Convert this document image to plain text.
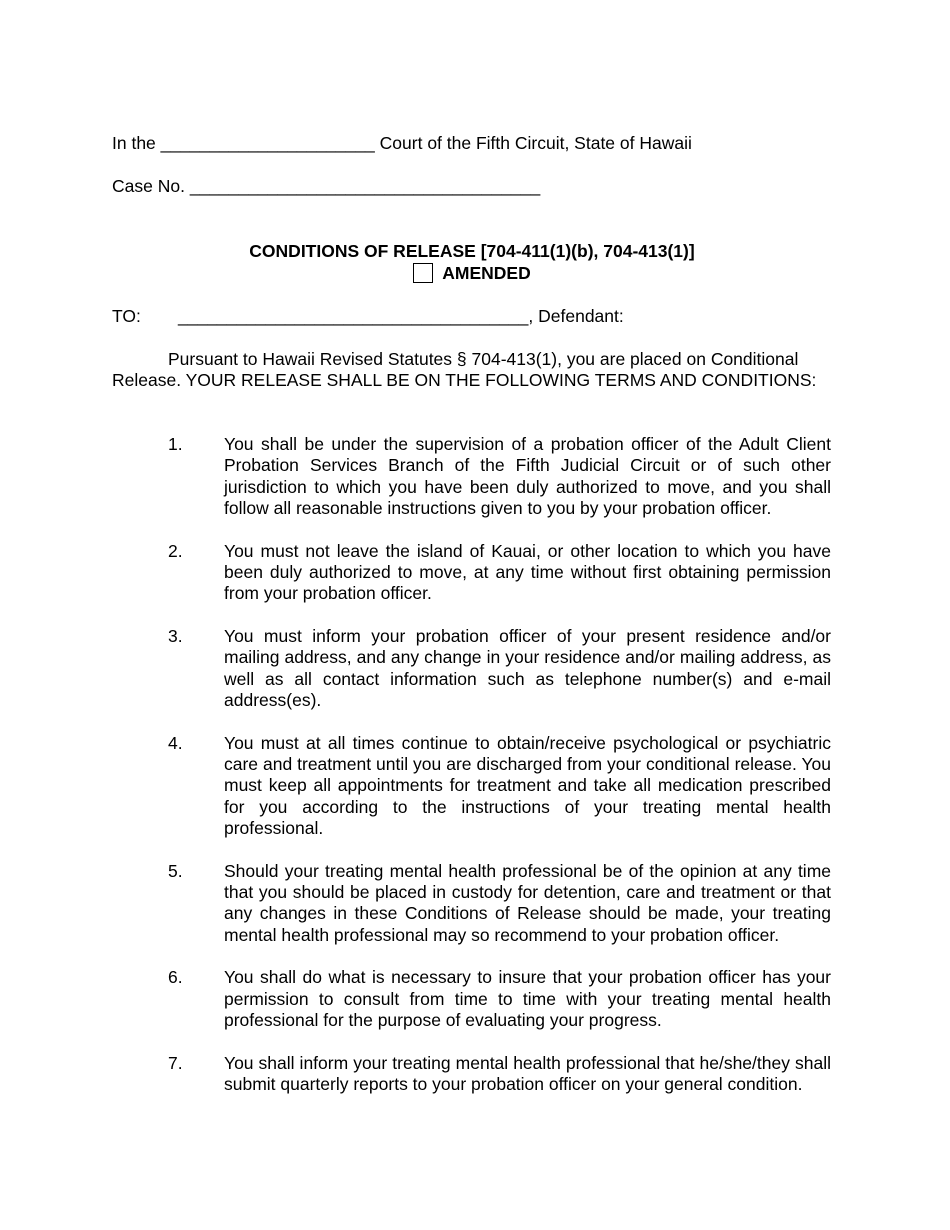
In the ______________________ Court of the Fifth Circuit, State of Hawaii
Case No. ____________________________________
CONDITIONS OF RELEASE [704-411(1)(b), 704-413(1)]
AMENDED
TO: ____________________________________, Defendant:
Pursuant to Hawaii Revised Statutes § 704-413(1), you are placed on Conditional Release. YOUR RELEASE SHALL BE ON THE FOLLOWING TERMS AND CONDITIONS:
1. You shall be under the supervision of a probation officer of the Adult Client Probation Services Branch of the Fifth Judicial Circuit or of such other jurisdiction to which you have been duly authorized to move, and you shall follow all reasonable instructions given to you by your probation officer.
2. You must not leave the island of Kauai, or other location to which you have been duly authorized to move, at any time without first obtaining permission from your probation officer.
3. You must inform your probation officer of your present residence and/or mailing address, and any change in your residence and/or mailing address, as well as all contact information such as telephone number(s) and e-mail address(es).
4. You must at all times continue to obtain/receive psychological or psychiatric care and treatment until you are discharged from your conditional release. You must keep all appointments for treatment and take all medication prescribed for you according to the instructions of your treating mental health professional.
5. Should your treating mental health professional be of the opinion at any time that you should be placed in custody for detention, care and treatment or that any changes in these Conditions of Release should be made, your treating mental health professional may so recommend to your probation officer.
6. You shall do what is necessary to insure that your probation officer has your permission to consult from time to time with your treating mental health professional for the purpose of evaluating your progress.
7. You shall inform your treating mental health professional that he/she/they shall submit quarterly reports to your probation officer on your general condition.
